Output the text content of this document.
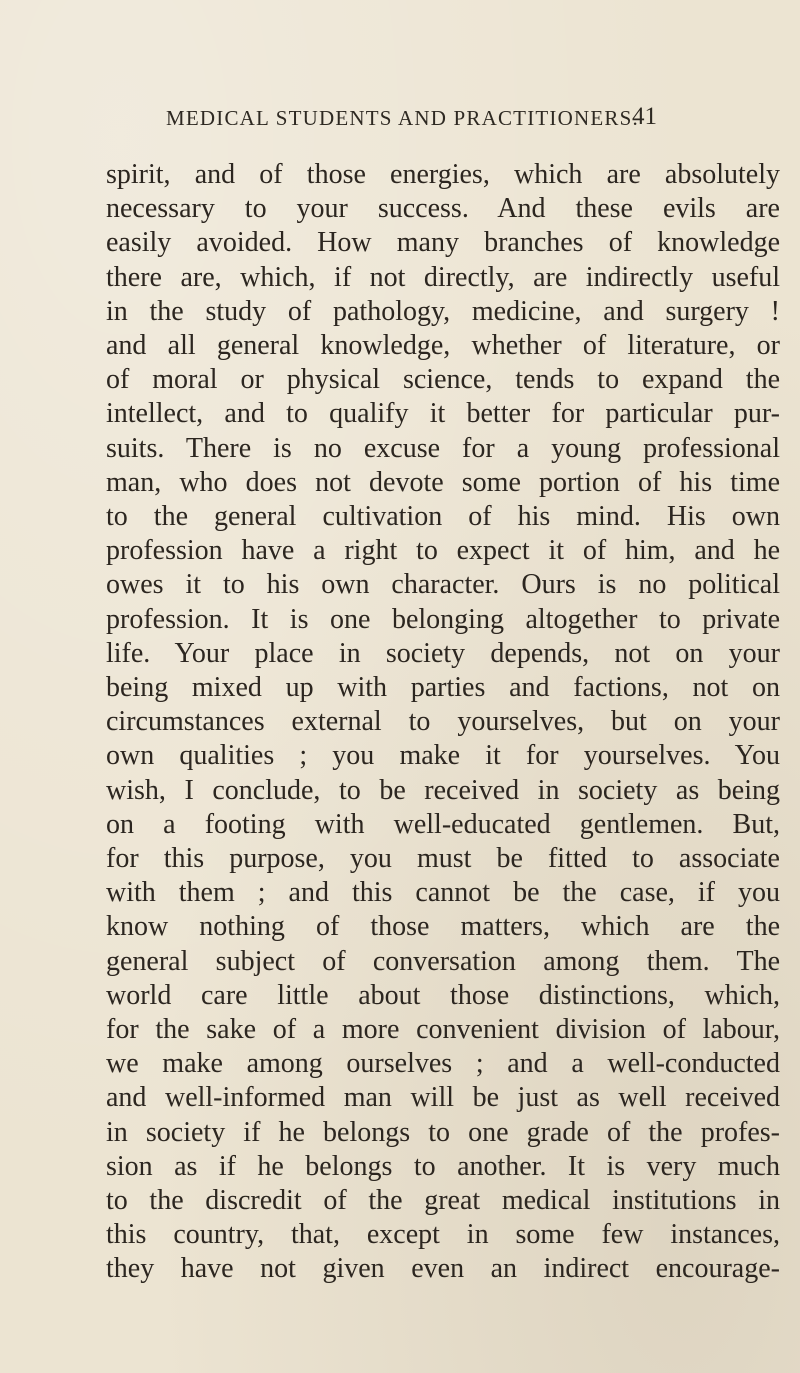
MEDICAL STUDENTS AND PRACTITIONERS.
41
spirit, and of those energies, which are absolutely
necessary to your success. And these evils are
easily avoided. How many branches of knowledge
there are, which, if not directly, are indirectly useful
in the study of pathology, medicine, and surgery !
and all general knowledge, whether of literature, or
of moral or physical science, tends to expand the
intellect, and to qualify it better for particular pur-
suits. There is no excuse for a young professional
man, who does not devote some portion of his time
to the general cultivation of his mind. His own
profession have a right to expect it of him, and he
owes it to his own character. Ours is no political
profession. It is one belonging altogether to private
life. Your place in society depends, not on your
being mixed up with parties and factions, not on
circumstances external to yourselves, but on your
own qualities ; you make it for yourselves. You
wish, I conclude, to be received in society as being
on a footing with well-educated gentlemen. But,
for this purpose, you must be fitted to associate
with them ; and this cannot be the case, if you
know nothing of those matters, which are the
general subject of conversation among them. The
world care little about those distinctions, which,
for the sake of a more convenient division of labour,
we make among ourselves ; and a well-conducted
and well-informed man will be just as well received
in society if he belongs to one grade of the profes-
sion as if he belongs to another. It is very much
to the discredit of the great medical institutions in
this country, that, except in some few instances,
they have not given even an indirect encourage-
